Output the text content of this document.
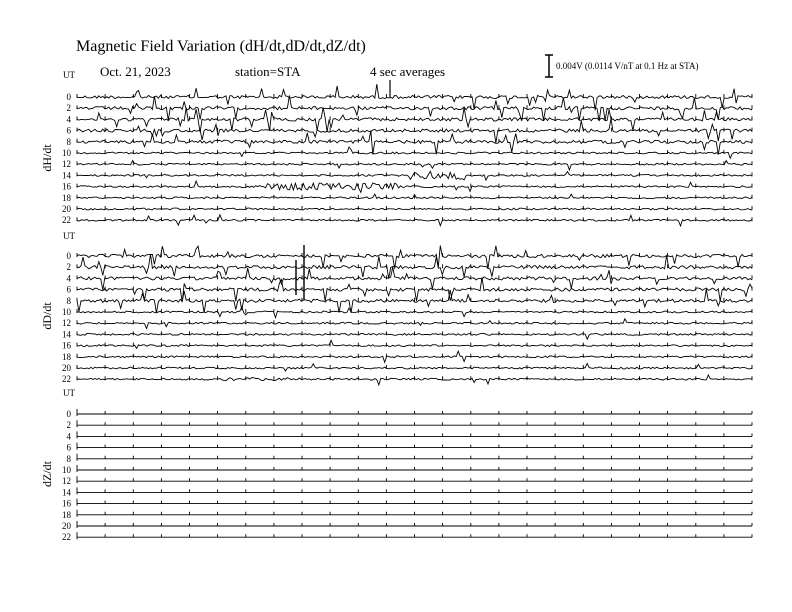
Magnetic Field Variation (dH/dt,dD/dt,dZ/dt)
Oct. 21, 2023	station=STA	4 sec averages	0.004V (0.0114 V/nT at 0.1 Hz at STA)
UT
dH/dt
0
2
4
6
8
10
12
14
16
18
20
22
UT
dD/dt
0
2
4
6
8
10
12
14
16
18
20
22
UT
dZ/dt
0
2
4
6
8
10
12
14
16
18
20
22
